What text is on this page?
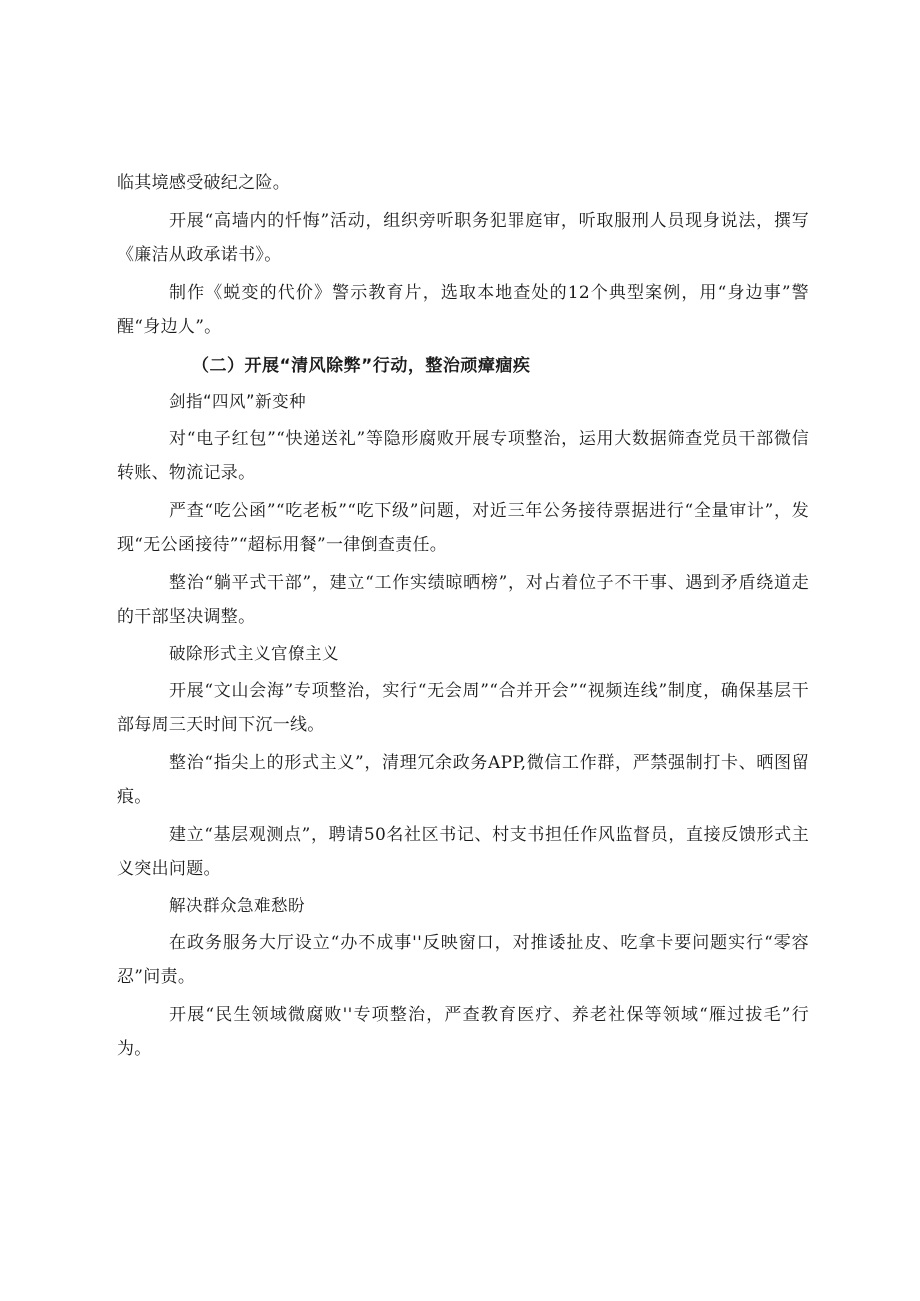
临其境感受破纪之险。

开展“高墙内的忏悔”活动，组织旁听职务犯罪庭审，听取服刑人员现身说法，撰写《廉洁从政承诺书》。

制作《蜕变的代价》警示教育片，选取本地查处的12个典型案例，用“身边事”警醒“身边人”。

（二）开展“清风除弊”行动，整治顽瘴痼疾

剑指“四风”新变种

对“电子红包”“快递送礼”等隐形腐败开展专项整治，运用大数据筛查党员干部微信转账、物流记录。

严查“吃公函”“吃老板”“吃下级”问题，对近三年公务接待票据进行“全量审计”，发现“无公函接待”“超标用餐”一律倒查责任。

整治“躺平式干部”，建立“工作实绩晾晒榜”，对占着位子不干事、遇到矛盾绕道走的干部坚决调整。

破除形式主义官僚主义

开展“文山会海”专项整治，实行“无会周”“合并开会”“视频连线”制度，确保基层干部每周三天时间下沉一线。

整治“指尖上的形式主义”，清理冗余政务APP,微信工作群，严禁强制打卡、晒图留痕。

建立“基层观测点”，聘请50名社区书记、村支书担任作风监督员，直接反馈形式主义突出问题。

解决群众急难愁盼

在政务服务大厅设立“办不成事''反映窗口，对推诿扯皮、吃拿卡要问题实行“零容忍”问责。

开展“民生领域微腐败''专项整治，严查教育医疗、养老社保等领域“雁过拔毛”行为。
